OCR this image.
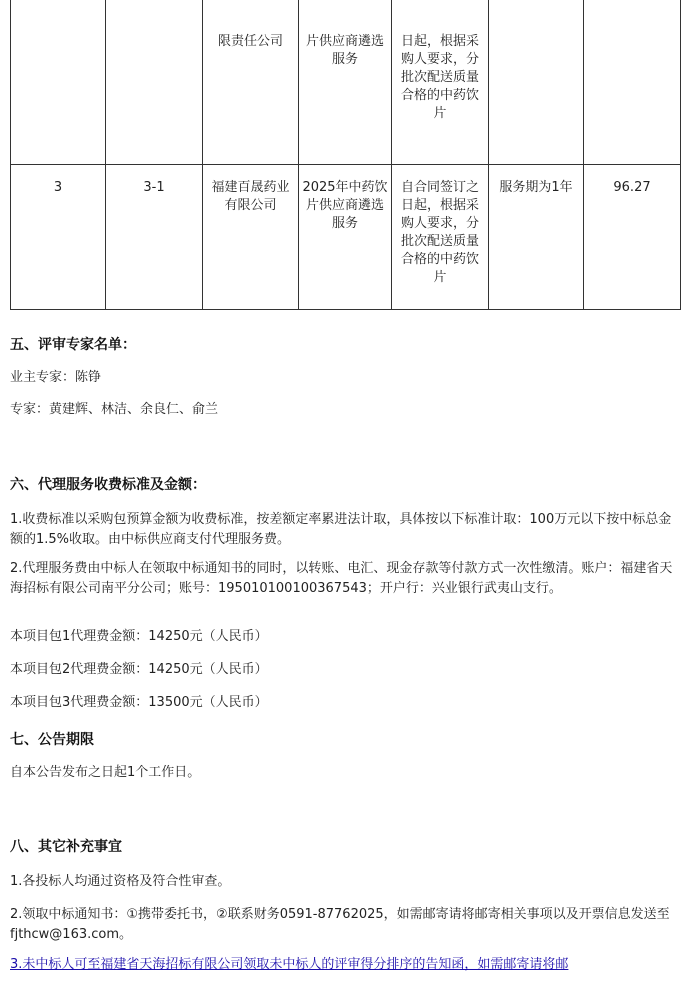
		限责任公司	片供应商遴选服务	日起，根据采购人要求，分批次配送质量合格的中药饮片		
3	3-1	福建百晟药业有限公司	2025年中药饮片供应商遴选服务	自合同签订之日起，根据采购人要求，分批次配送质量合格的中药饮片	服务期为1年	96.27
五、评审专家名单：
业主专家：陈铮
专家：黄建辉、林洁、余良仁、俞兰
六、代理服务收费标准及金额：
1.收费标准以采购包预算金额为收费标准，按差额定率累进法计取，具体按以下标准计取：100万元以下按中标总金额的1.5%收取。由中标供应商支付代理服务费。
2.代理服务费由中标人在领取中标通知书的同时，以转账、电汇、现金存款等付款方式一次性缴清。账户：福建省天海招标有限公司南平分公司；账号：195010100100367543；开户行：兴业银行武夷山支行。
本项目包1代理费金额：14250元（人民币）
本项目包2代理费金额：14250元（人民币）
本项目包3代理费金额：13500元（人民币）
七、公告期限
自本公告发布之日起1个工作日。
八、其它补充事宜
1.各投标人均通过资格及符合性审查。
2.领取中标通知书：①携带委托书，②联系财务0591-87762025，如需邮寄请将邮寄相关事项以及开票信息发送至fjthcw@163.com。
3.未中标人可至福建省天海招标有限公司领取未中标人的评审得分排序的告知函，如需邮寄请将邮
